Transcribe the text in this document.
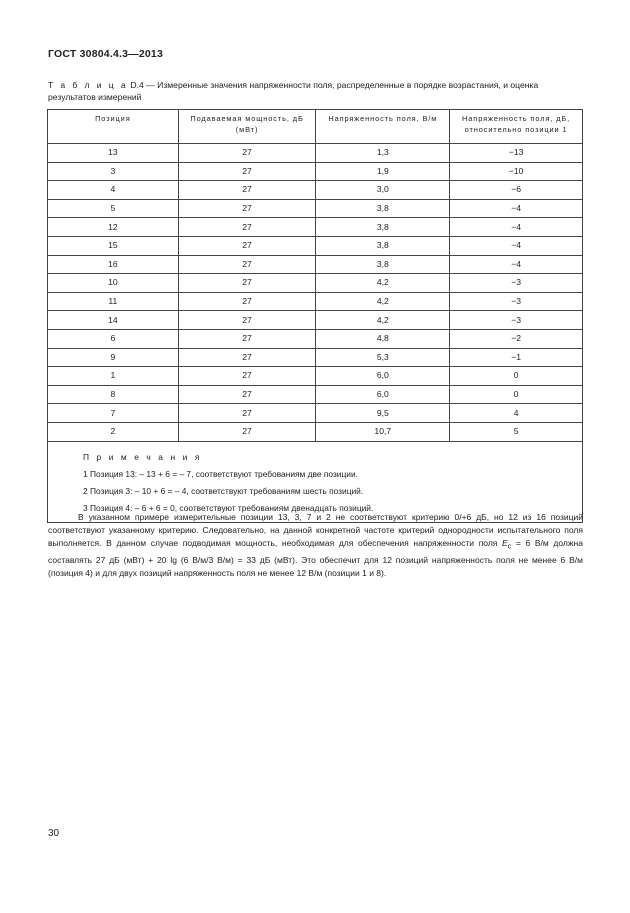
ГОСТ 30804.4.3—2013
Т а б л и ц а D.4 — Измеренные значения напряженности поля, распределенные в порядке возрастания, и оценка результатов измерений
Позиция	Подаваемая мощность, дБ (мВт)	Напряженность поля, В/м	Напряженность поля, дБ, относительно позиции 1
13	27	1,3	−13
3	27	1,9	−10
4	27	3,0	−6
5	27	3,8	−4
12	27	3,8	−4
15	27	3,8	−4
16	27	3,8	−4
10	27	4,2	−3
11	27	4,2	−3
14	27	4,2	−3
6	27	4,8	−2
9	27	5,3	−1
1	27	6,0	0
8	27	6,0	0
7	27	9,5	4
2	27	10,7	5

П р и м е ч а н и я
1 Позиция 13: – 13 + 6 = – 7, соответствуют требованиям две позиции.
2 Позиция 3: – 10 + 6 = – 4, соответствуют требованиям шесть позиций.
3 Позиция 4: – 6 + 6 = 0, соответствуют требованиям двенадцать позиций.			

В указанном примере измерительные позиции 13, 3, 7 и 2 не соответствуют критерию 0/+6 дБ, но 12 из 16 позиций соответствуют указанному критерию. Следовательно, на данной конкретной частоте критерий однородности испытательного поля выполняется. В данном случае подводимая мощность, необходимая для обеспечения напряженности поля $E_c = 6$ В/м должна составлять 27 дБ (мВт) + 20 lg (6 В/м/3 В/м) = 33 дБ (мВт). Это обеспечит для 12 позиций напряженность поля не менее 6 В/м (позиция 4) и для двух позиций напряженность поля не менее 12 В/м (позиции 1 и 8).

30
